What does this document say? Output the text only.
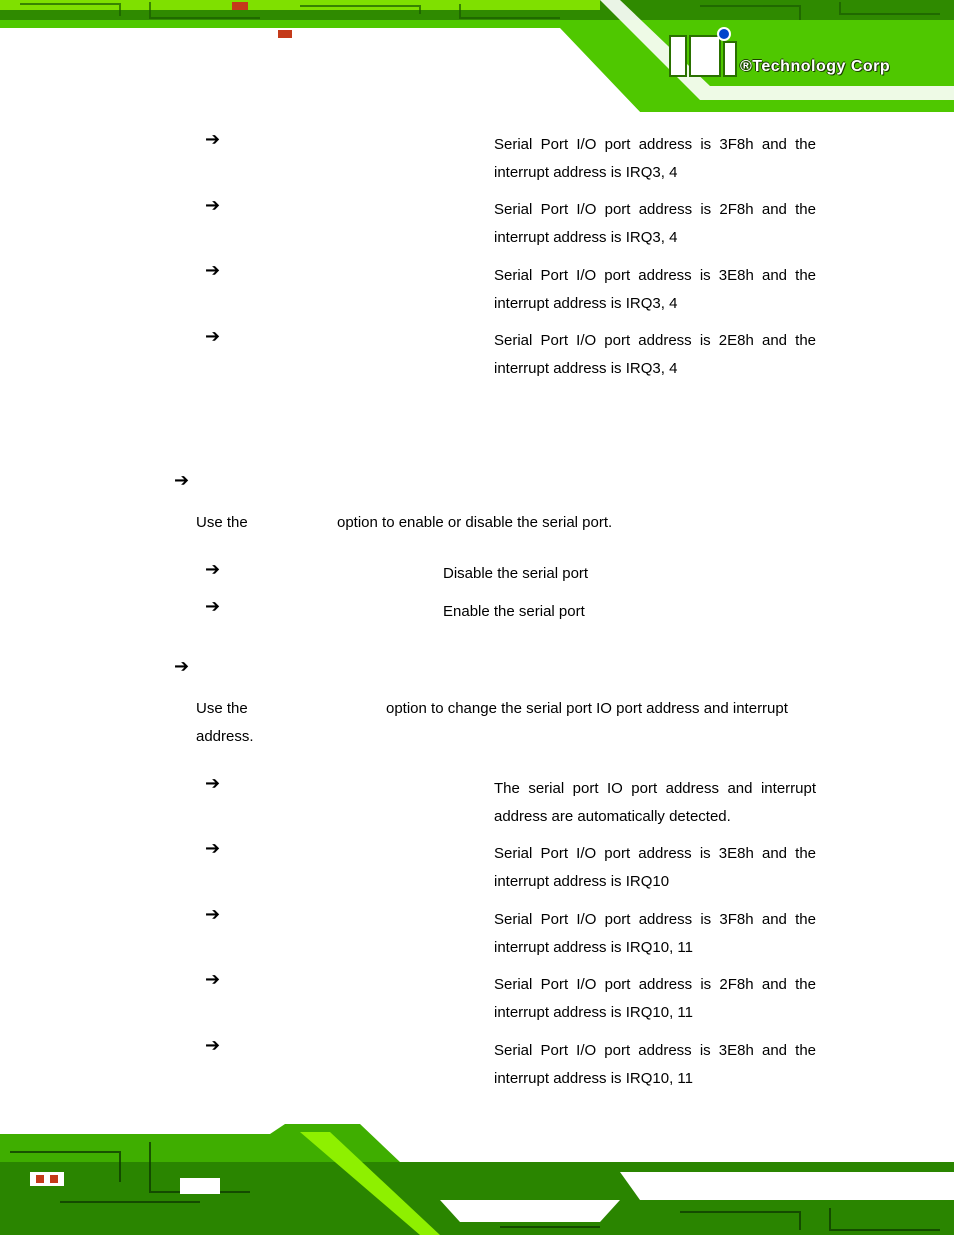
®Technology Corp
➔	Serial Port I/O port address is 3F8h and the
interrupt address is IRQ3, 4
➔	Serial Port I/O port address is 2F8h and the
interrupt address is IRQ3, 4
➔	Serial Port I/O port address is 3E8h and the
interrupt address is IRQ3, 4
➔	Serial Port I/O port address is 2E8h and the
interrupt address is IRQ3, 4
➔
Use the	option to enable or disable the serial port.
➔	Disable the serial port
➔	Enable the serial port
➔
Use the	option to change the serial port IO port address and interrupt
address.
➔	The serial port IO port address and interrupt
address are automatically detected.
➔	Serial Port I/O port address is 3E8h and the
interrupt address is IRQ10
➔	Serial Port I/O port address is 3F8h and the
interrupt address is IRQ10, 11
➔	Serial Port I/O port address is 2F8h and the
interrupt address is IRQ10, 11
➔	Serial Port I/O port address is 3E8h and the
interrupt address is IRQ10, 11
